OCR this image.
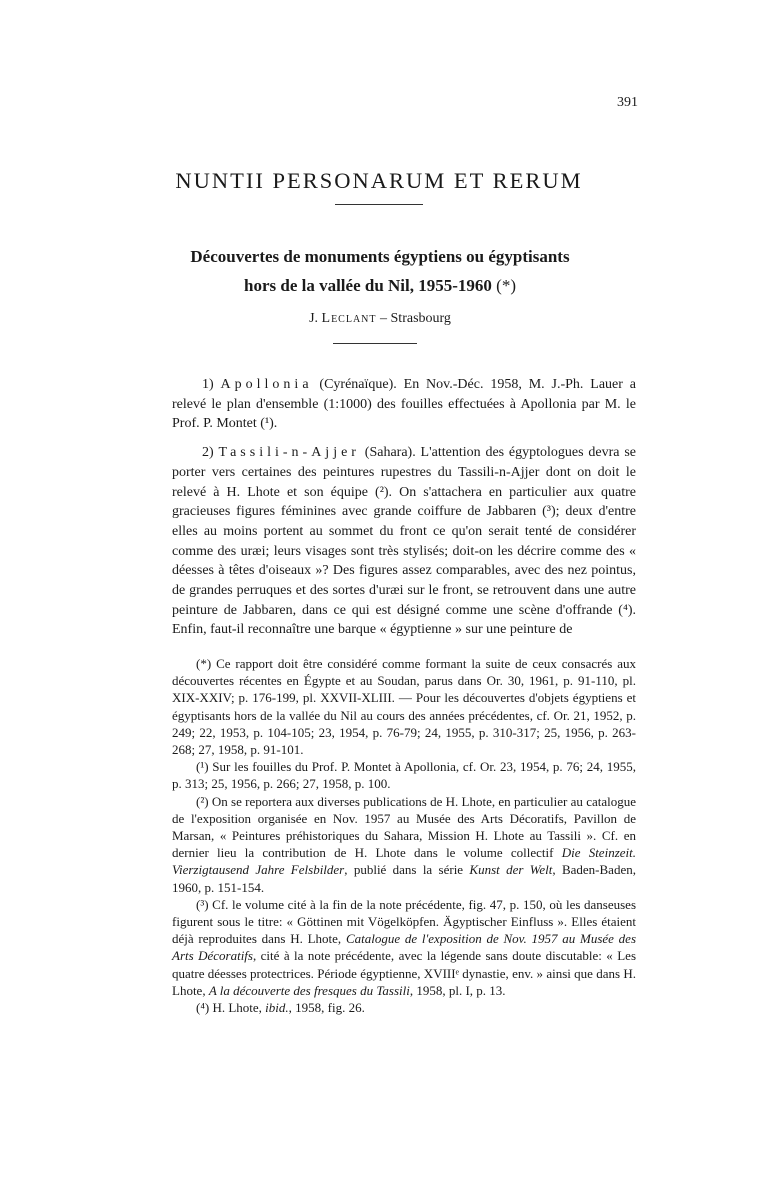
391
NUNTII PERSONARUM ET RERUM
Découvertes de monuments égyptiens ou égyptisants
hors de la vallée du Nil, 1955-1960 (*)
J. Leclant – Strasbourg

1) Apollonia (Cyrénaïque). En Nov.-Déc. 1958, M. J.-Ph. Lauer a relevé le plan d'ensemble (1:1000) des fouilles effectuées à Apollonia par M. le Prof. P. Montet (¹).

2) Tassili-n-Ajjer (Sahara). L'attention des égyptologues devra se porter vers certaines des peintures rupestres du Tassili-n-Ajjer dont on doit le relevé à H. Lhote et son équipe (²). On s'attachera en particulier aux quatre gracieuses figures féminines avec grande coiffure de Jabbaren (³); deux d'entre elles au moins portent au sommet du front ce qu'on serait tenté de considérer comme des uræi; leurs visages sont très stylisés; doit-on les décrire comme des « déesses à têtes d'oiseaux »? Des figures assez comparables, avec des nez pointus, de grandes perruques et des sortes d'uræi sur le front, se retrouvent dans une autre peinture de Jabbaren, dans ce qui est désigné comme une scène d'offrande (⁴). Enfin, faut-il reconnaître une barque « égyptienne » sur une peinture de

(*) Ce rapport doit être considéré comme formant la suite de ceux consacrés aux découvertes récentes en Égypte et au Soudan, parus dans Or. 30, 1961, p. 91-110, pl. XIX-XXIV; p. 176-199, pl. XXVII-XLIII. — Pour les découvertes d'objets égyptiens et égyptisants hors de la vallée du Nil au cours des années précédentes, cf. Or. 21, 1952, p. 249; 22, 1953, p. 104-105; 23, 1954, p. 76-79; 24, 1955, p. 310-317; 25, 1956, p. 263-268; 27, 1958, p. 91-101.

(¹) Sur les fouilles du Prof. P. Montet à Apollonia, cf. Or. 23, 1954, p. 76; 24, 1955, p. 313; 25, 1956, p. 266; 27, 1958, p. 100.

(²) On se reportera aux diverses publications de H. Lhote, en particulier au catalogue de l'exposition organisée en Nov. 1957 au Musée des Arts Décoratifs, Pavillon de Marsan, « Peintures préhistoriques du Sahara, Mission H. Lhote au Tassili ». Cf. en dernier lieu la contribution de H. Lhote dans le volume collectif Die Steinzeit. Vierzigtausend Jahre Felsbilder, publié dans la série Kunst der Welt, Baden-Baden, 1960, p. 151-154.

(³) Cf. le volume cité à la fin de la note précédente, fig. 47, p. 150, où les danseuses figurent sous le titre: « Göttinen mit Vögelköpfen. Ägyptischer Einfluss ». Elles étaient déjà reproduites dans H. Lhote, Catalogue de l'exposition de Nov. 1957 au Musée des Arts Décoratifs, cité à la note précédente, avec la légende sans doute discutable: « Les quatre déesses protectrices. Période égyptienne, XVIIIᵉ dynastie, env. » ainsi que dans H. Lhote, A la découverte des fresques du Tassili, 1958, pl. I, p. 13.

(⁴) H. Lhote, ibid., 1958, fig. 26.
